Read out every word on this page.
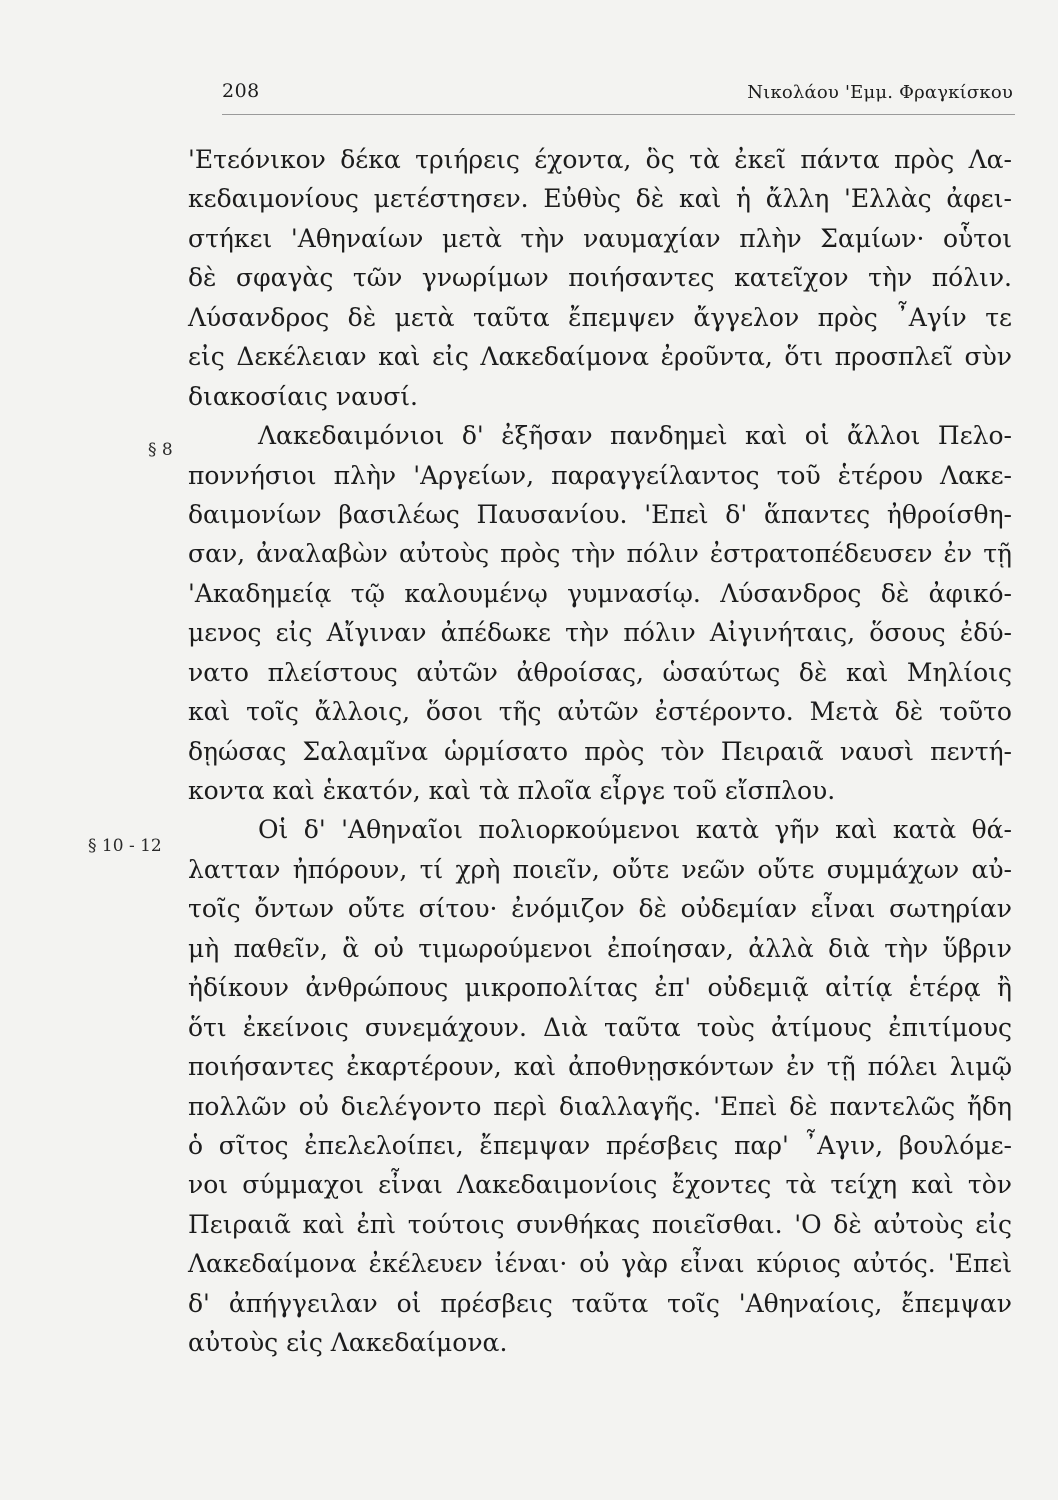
208	Νικολάου 'Εμμ. Φραγκίσκου
§ 8
§ 10 - 12
'Ετεόνικον δέκα τριήρεις έχοντα, ὃς τὰ ἐκεῖ πάντα πρὸς Λα-
κεδαιμονίους μετέστησεν. Εὐθὺς δὲ καὶ ἡ ἄλλη 'Ελλὰς ἀφει-
στήκει 'Αθηναίων μετὰ τὴν ναυμαχίαν πλὴν Σαμίων· οὗτοι
δὲ σφαγὰς τῶν γνωρίμων ποιήσαντες κατεῖχον τὴν πόλιν.
Λύσανδρος δὲ μετὰ ταῦτα ἔπεμψεν ἄγγελον πρὸς ῏Αγίν τε
εἰς Δεκέλειαν καὶ εἰς Λακεδαίμονα ἐροῦντα, ὅτι προσπλεῖ σὺν
διακοσίαις ναυσί.
Λακεδαιμόνιοι δ' ἐξῆσαν πανδημεὶ καὶ οἱ ἄλλοι Πελο-
ποννήσιοι πλὴν 'Αργείων, παραγγείλαντος τοῦ ἑτέρου Λακε-
δαιμονίων βασιλέως Παυσανίου. 'Επεὶ δ' ἅπαντες ἠθροίσθη-
σαν, ἀναλαβὼν αὐτοὺς πρὸς τὴν πόλιν ἐστρατοπέδευσεν ἐν τῇ
'Ακαδημείᾳ τῷ καλουμένῳ γυμνασίῳ. Λύσανδρος δὲ ἀφικό-
μενος εἰς Αἴγιναν ἀπέδωκε τὴν πόλιν Αἰγινήταις, ὅσους ἐδύ-
νατο πλείστους αὐτῶν ἀθροίσας, ὡσαύτως δὲ καὶ Μηλίοις
καὶ τοῖς ἄλλοις, ὅσοι τῆς αὐτῶν ἐστέροντο. Μετὰ δὲ τοῦτο
δῃώσας Σαλαμῖνα ὡρμίσατο πρὸς τὸν Πειραιᾶ ναυσὶ πεντή-
κοντα καὶ ἑκατόν, καὶ τὰ πλοῖα εἶργε τοῦ εἴσπλου.
Οἱ δ' 'Αθηναῖοι πολιορκούμενοι κατὰ γῆν καὶ κατὰ θά-
λατταν ἠπόρουν, τί χρὴ ποιεῖν, οὔτε νεῶν οὔτε συμμάχων αὐ-
τοῖς ὄντων οὔτε σίτου· ἐνόμιζον δὲ οὐδεμίαν εἶναι σωτηρίαν
μὴ παθεῖν, ἃ οὐ τιμωρούμενοι ἐποίησαν, ἀλλὰ διὰ τὴν ὕβριν
ἠδίκουν ἀνθρώπους μικροπολίτας ἐπ' οὐδεμιᾷ αἰτίᾳ ἑτέρᾳ ἢ
ὅτι ἐκείνοις συνεμάχουν. Διὰ ταῦτα τοὺς ἀτίμους ἐπιτίμους
ποιήσαντες ἐκαρτέρουν, καὶ ἀποθνῃσκόντων ἐν τῇ πόλει λιμῷ
πολλῶν οὐ διελέγοντο περὶ διαλλαγῆς. 'Επεὶ δὲ παντελῶς ἤδη
ὁ σῖτος ἐπελελοίπει, ἔπεμψαν πρέσβεις παρ' ῏Αγιν, βουλόμε-
νοι σύμμαχοι εἶναι Λακεδαιμονίοις ἔχοντες τὰ τείχη καὶ τὸν
Πειραιᾶ καὶ ἐπὶ τούτοις συνθήκας ποιεῖσθαι. 'Ο δὲ αὐτοὺς εἰς
Λακεδαίμονα ἐκέλευεν ἰέναι· οὐ γὰρ εἶναι κύριος αὐτός. 'Επεὶ
δ' ἀπήγγειλαν οἱ πρέσβεις ταῦτα τοῖς 'Αθηναίοις, ἔπεμψαν
αὐτοὺς εἰς Λακεδαίμονα.
